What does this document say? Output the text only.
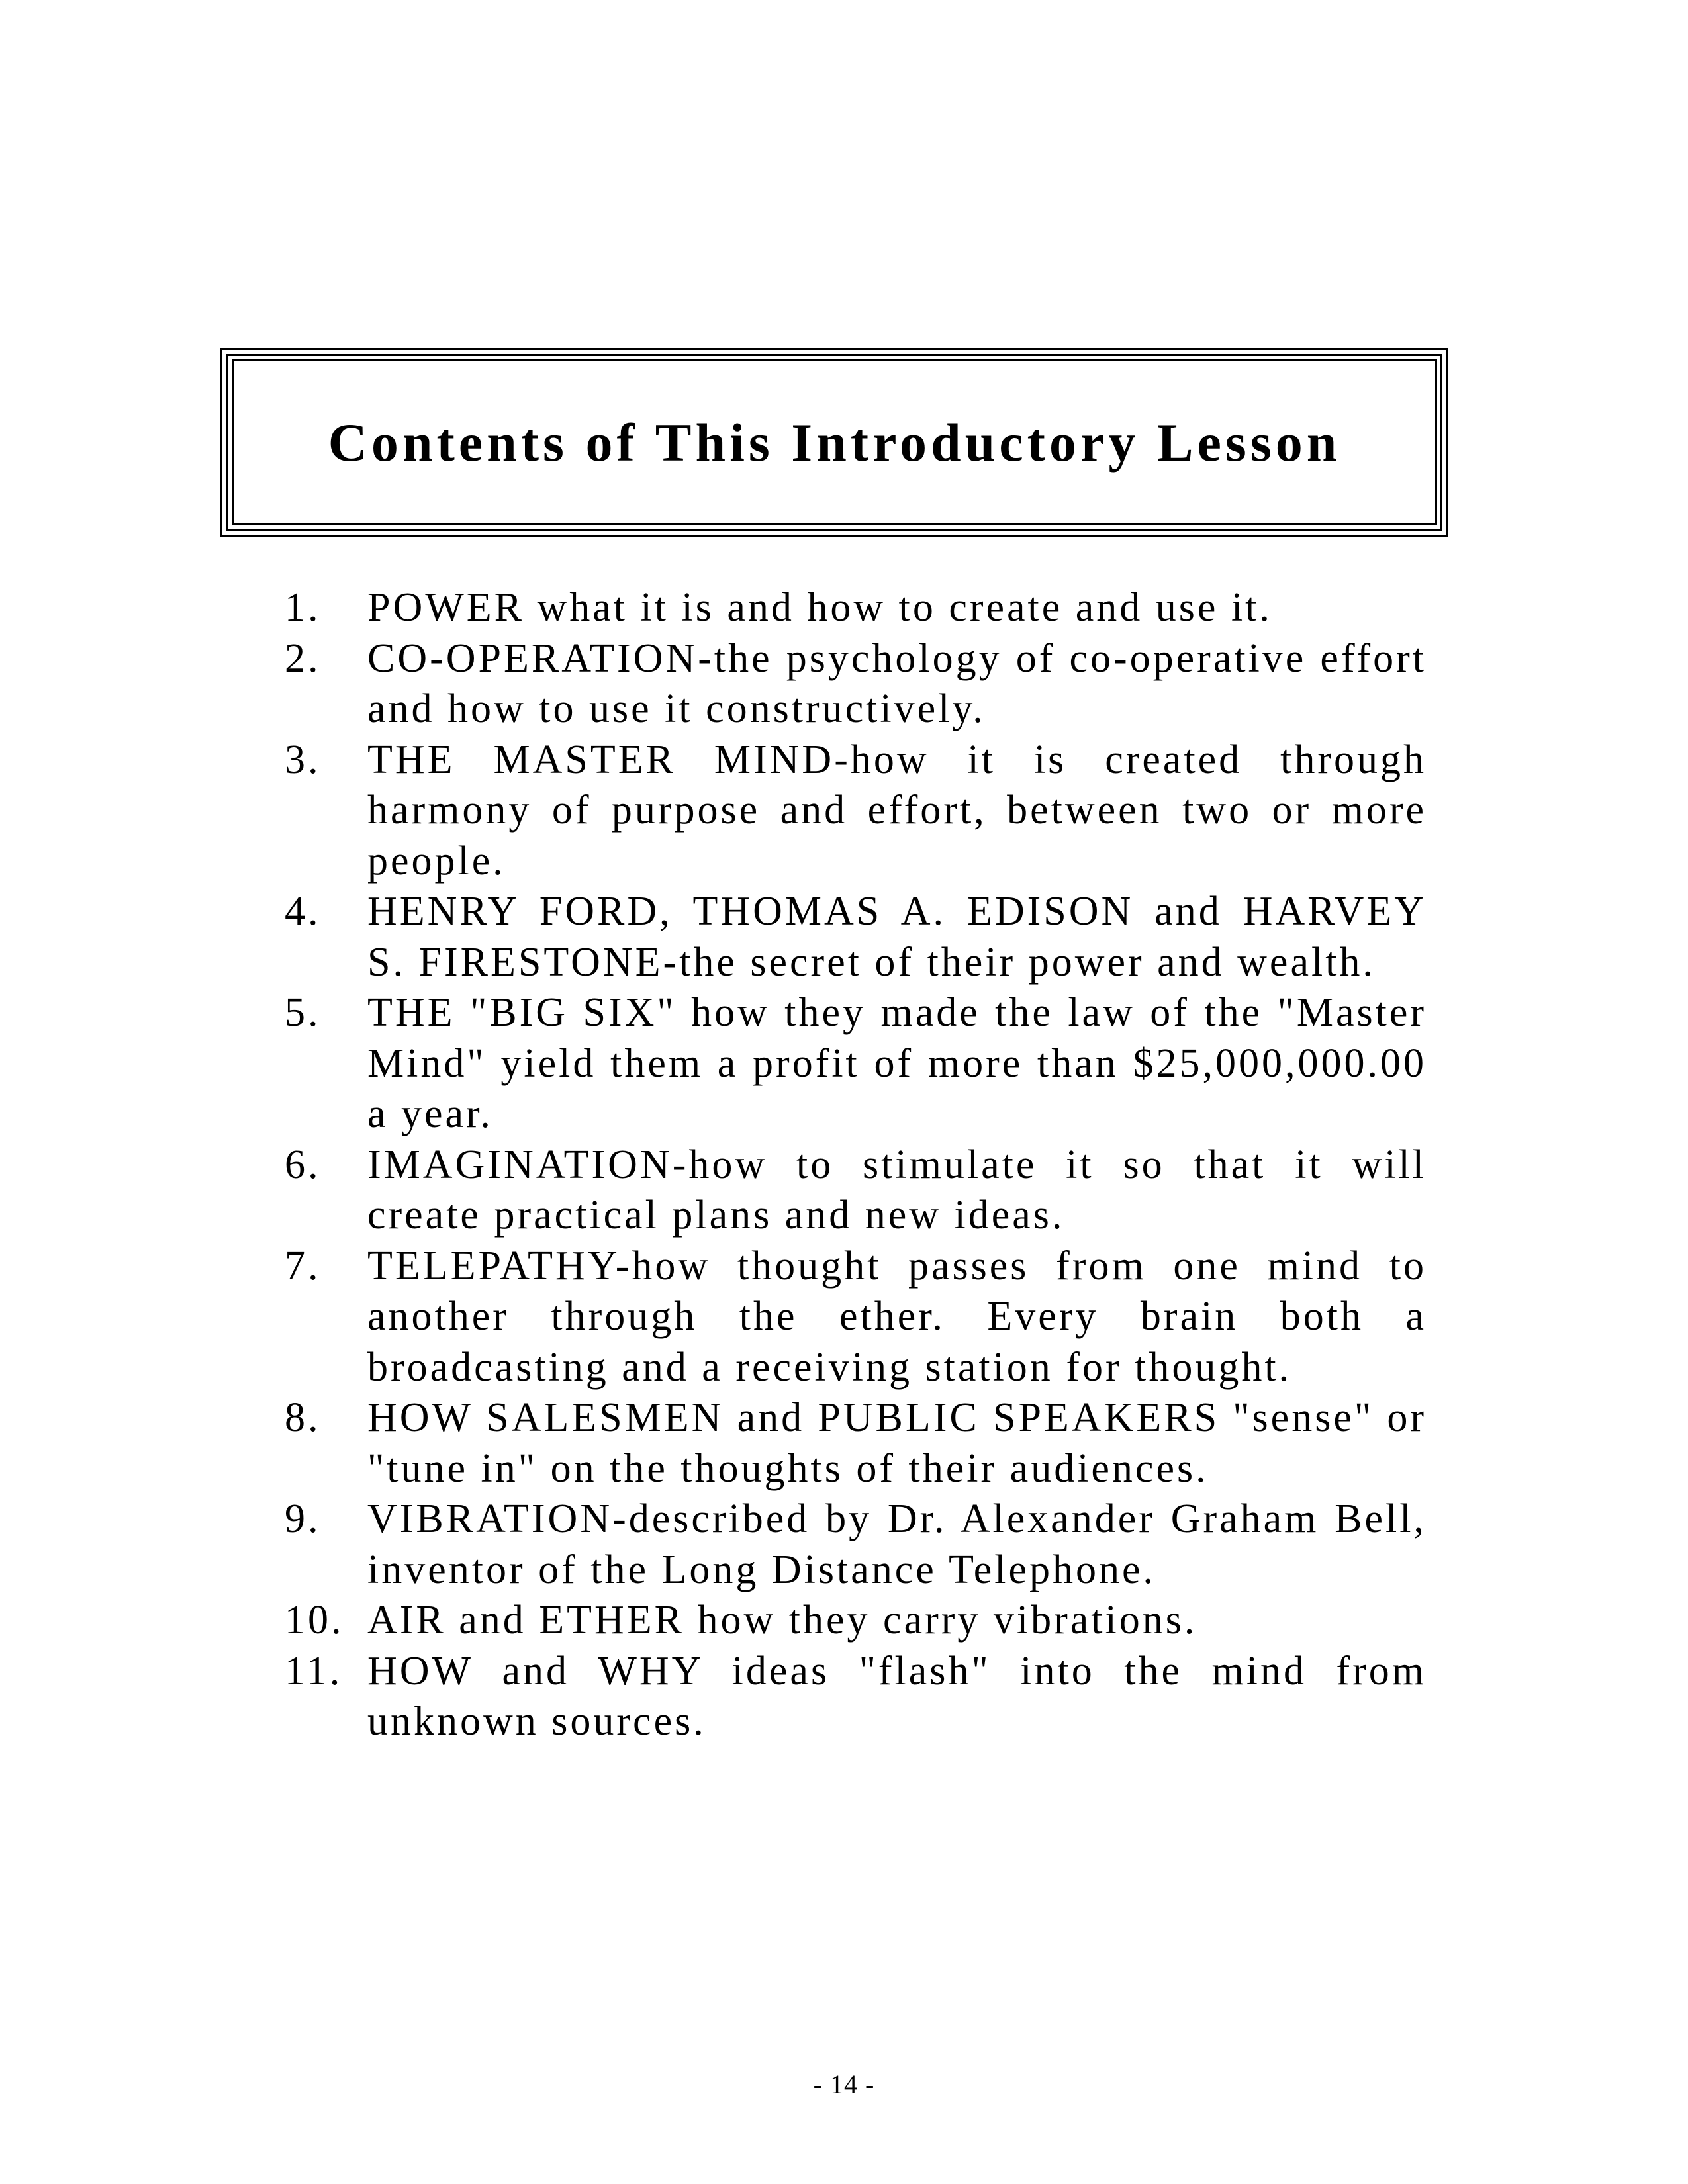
Contents of This Introductory Lesson
1.	POWER what it is and how to create and use it.
2.	CO-OPERATION-the psychology of co-operative effort and how to use it constructively.
3.	THE MASTER MIND-how it is created through harmony of purpose and effort, between two or more people.
4.	HENRY FORD, THOMAS A. EDISON and HARVEY S. FIRESTONE-the secret of their power and wealth.
5.	THE "BIG SIX" how they made the law of the "Master Mind" yield them a profit of more than $25,000,000.00 a year.
6.	IMAGINATION-how to stimulate it so that it will create practical plans and new ideas.
7.	TELEPATHY-how thought passes from one mind to another through the ether. Every brain both a broadcasting and a receiving station for thought.
8.	HOW SALESMEN and PUBLIC SPEAKERS "sense" or "tune in" on the thoughts of their audiences.
9.	VIBRATION-described by Dr. Alexander Graham Bell, inventor of the Long Distance Telephone.
10. AIR and ETHER how they carry vibrations.
11. HOW and WHY ideas "flash" into the mind from unknown sources.
- 14 -
